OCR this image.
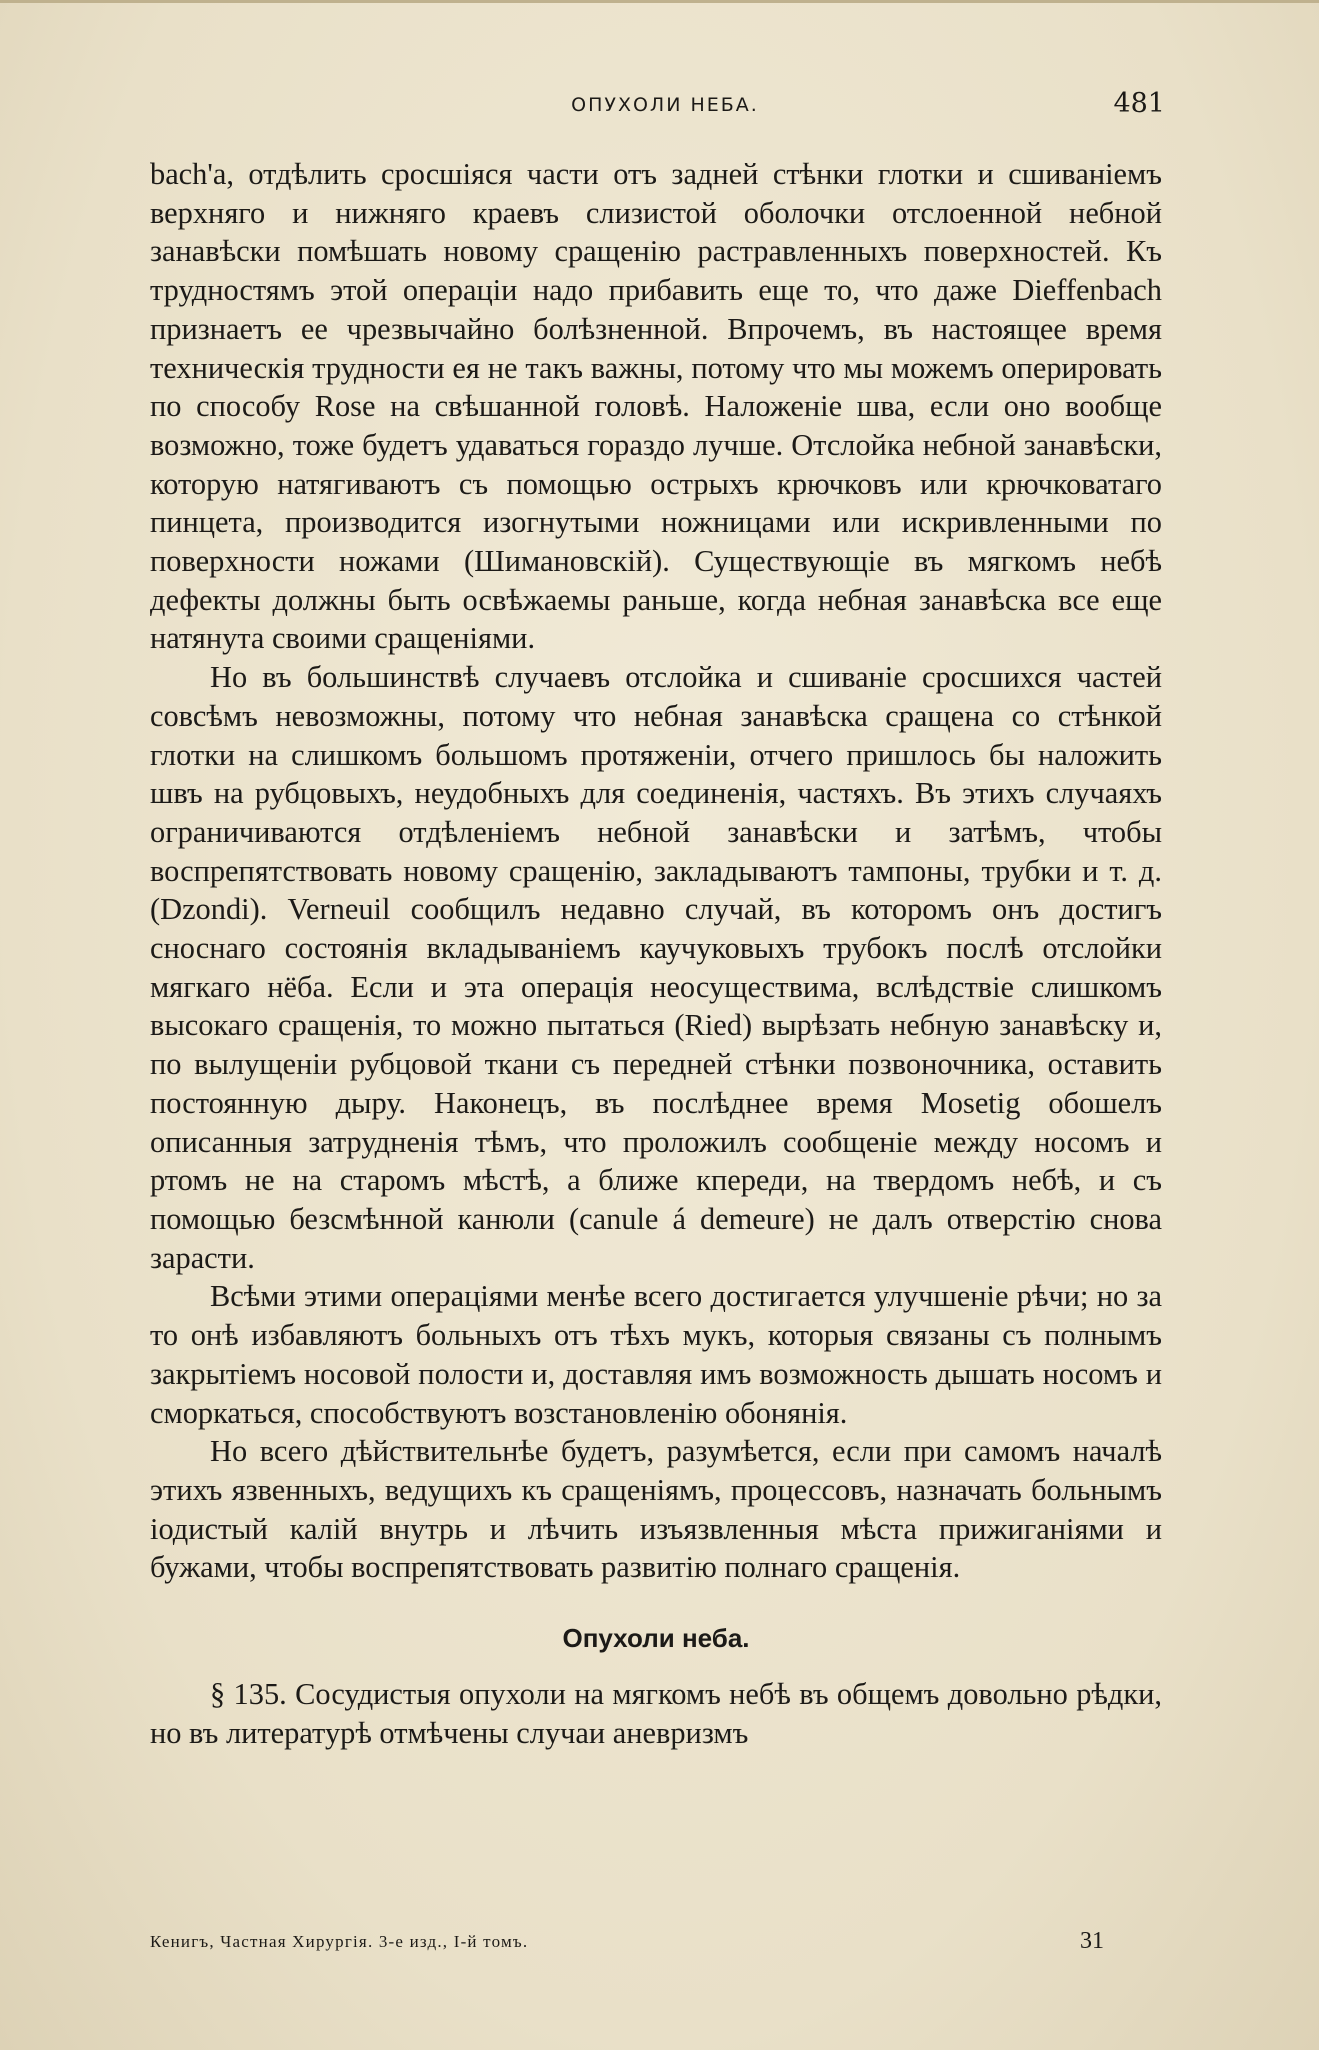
ОПУХОЛИ НЕБА.	481

bach'а, отдѣлить сросшіяся части отъ задней стѣнки глотки и сшиваніемъ верхняго и нижняго краевъ слизистой оболочки отслоенной небной занавѣски помѣшать новому сращенію растравленныхъ поверхностей. Къ трудностямъ этой операціи надо прибавить еще то, что даже Dieffenbach признаетъ ее чрезвычайно болѣзненной. Впрочемъ, въ настоящее время техническія трудности ея не такъ важны, потому что мы можемъ оперировать по способу Rose на свѣшанной головѣ. Наложеніе шва, если оно вообще возможно, тоже будетъ удаваться гораздо лучше. Отслойка небной занавѣски, которую натягиваютъ съ помощью острыхъ крючковъ или крючковатаго пинцета, производится изогнутыми ножницами или искривленными по поверхности ножами (Шимановскій). Существующіе въ мягкомъ небѣ дефекты должны быть освѣжаемы раньше, когда небная занавѣска все еще натянута своими сращеніями.

Но въ большинствѣ случаевъ отслойка и сшиваніе сросшихся частей совсѣмъ невозможны, потому что небная занавѣска сращена со стѣнкой глотки на слишкомъ большомъ протяженіи, отчего пришлось бы наложить швъ на рубцовыхъ, неудобныхъ для соединенія, частяхъ. Въ этихъ случаяхъ ограничиваются отдѣленіемъ небной занавѣски и затѣмъ, чтобы воспрепятствовать новому сращенію, закладываютъ тампоны, трубки и т. д. (Dzondi). Verneuil сообщилъ недавно случай, въ которомъ онъ достигъ сноснаго состоянія вкладываніемъ каучуковыхъ трубокъ послѣ отслойки мягкаго нёба. Если и эта операція неосуществима, вслѣдствіе слишкомъ высокаго сращенія, то можно пытаться (Ried) вырѣзать небную занавѣску и, по вылущеніи рубцовой ткани съ передней стѣнки позвоночника, оставить постоянную дыру. Наконецъ, въ послѣднее время Mosetig обошелъ описанныя затрудненія тѣмъ, что проложилъ сообщеніе между носомъ и ртомъ не на старомъ мѣстѣ, а ближе кпереди, на твердомъ небѣ, и съ помощью безсмѣнной канюли (canule á demeure) не далъ отверстію снова зарасти.

Всѣми этими операціями менѣе всего достигается улучшеніе рѣчи; но за то онѣ избавляютъ больныхъ отъ тѣхъ мукъ, которыя связаны съ полнымъ закрытіемъ носовой полости и, доставляя имъ возможность дышать носомъ и сморкаться, способствуютъ возстановленію обонянія.

Но всего дѣйствительнѣе будетъ, разумѣется, если при самомъ началѣ этихъ язвенныхъ, ведущихъ къ сращеніямъ, процессовъ, назначать больнымъ іодистый калій внутрь и лѣчить изъязвленныя мѣста прижиганіями и бужами, чтобы воспрепятствовать развитію полнаго сращенія.

Опухоли неба.

§ 135. Сосудистыя опухоли на мягкомъ небѣ въ общемъ довольно рѣдки, но въ литературѣ отмѣчены случаи аневризмъ

Кенигъ, Частная Хирургія. 3-е изд., I-й томъ.	31
